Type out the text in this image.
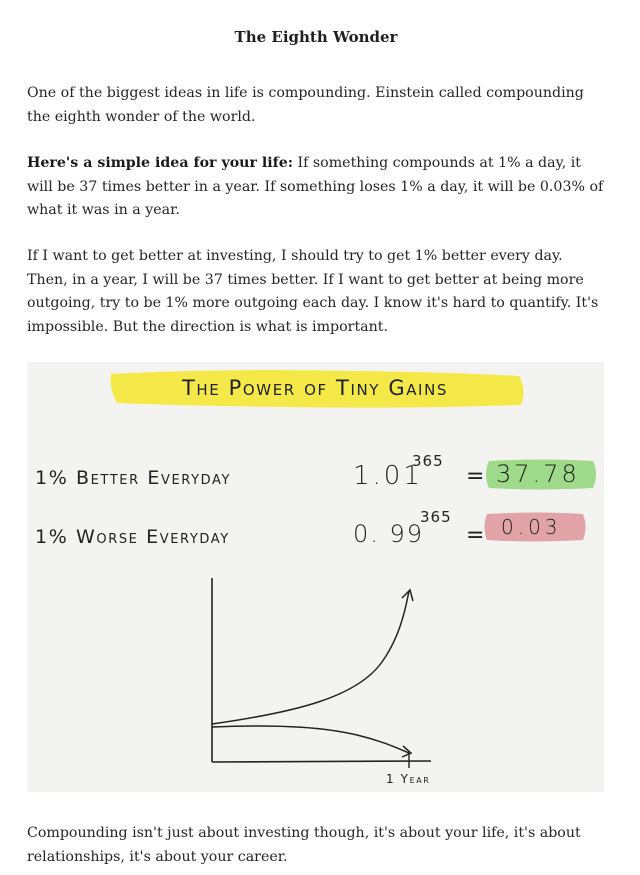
The Eighth Wonder

One of the biggest ideas in life is compounding. Einstein called compounding the eighth wonder of the world.

Here's a simple idea for your life: If something compounds at 1% a day, it will be 37 times better in a year. If something loses 1% a day, it will be 0.03% of what it was in a year.

If I want to get better at investing, I should try to get 1% better every day. Then, in a year, I will be 37 times better. If I want to get better at being more outgoing, try to be 1% more outgoing each day. I know it's hard to quantify. It's impossible. But the direction is what is important.

The Power of Tiny Gains
1% Better Everyday	1.01
365
= 37.78
1% Worse Everyday	0. 99
365
= 0.03
1 Year

Compounding isn't just about investing though, it's about your life, it's about relationships, it's about your career.
